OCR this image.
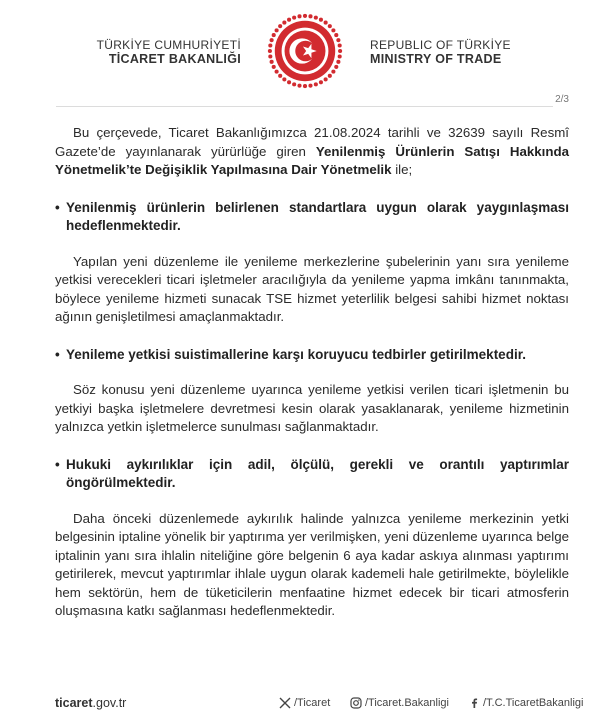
TÜRKİYE CUMHURİYETİ
TİCARET BAKANLIĞI
REPUBLIC OF TÜRKİYE
MINISTRY OF TRADE
2/3

Bu çerçevede, Ticaret Bakanlığımızca 21.08.2024 tarihli ve 32639 sayılı Resmî Gazete’de yayınlanarak yürürlüğe giren Yenilenmiş Ürünlerin Satışı Hakkında Yönetmelik’te Değişiklik Yapılmasına Dair Yönetmelik ile;

• Yenilenmiş ürünlerin belirlenen standartlara uygun olarak yaygınlaşması hedeflenmektedir.

Yapılan yeni düzenleme ile yenileme merkezlerine şubelerinin yanı sıra yenileme yetkisi verecekleri ticari işletmeler aracılığıyla da yenileme yapma imkânı tanınmakta, böylece yenileme hizmeti sunacak TSE hizmet yeterlilik belgesi sahibi hizmet noktası ağının genişletilmesi amaçlanmaktadır.

• Yenileme yetkisi suistimallerine karşı koruyucu tedbirler getirilmektedir.

Söz konusu yeni düzenleme uyarınca yenileme yetkisi verilen ticari işletmenin bu yetkiyi başka işletmelere devretmesi kesin olarak yasaklanarak, yenileme hizmetinin yalnızca yetkin işletmelerce sunulması sağlanmaktadır.

• Hukuki aykırılıklar için adil, ölçülü, gerekli ve orantılı yaptırımlar öngörülmektedir.

Daha önceki düzenlemede aykırılık halinde yalnızca yenileme merkezinin yetki belgesinin iptaline yönelik bir yaptırıma yer verilmişken, yeni düzenleme uyarınca belge iptalinin yanı sıra ihlalin niteliğine göre belgenin 6 aya kadar askıya alınması yaptırımı getirilerek, mevcut yaptırımlar ihlale uygun olarak kademeli hale getirilmekte, böylelikle hem sektörün, hem de tüketicilerin menfaatine hizmet edecek bir ticari atmosferin oluşmasına katkı sağlanması hedeflenmektedir.

ticaret.gov.tr	/Ticaret	/Ticaret.Bakanligi	/T.C.TicaretBakanligi
